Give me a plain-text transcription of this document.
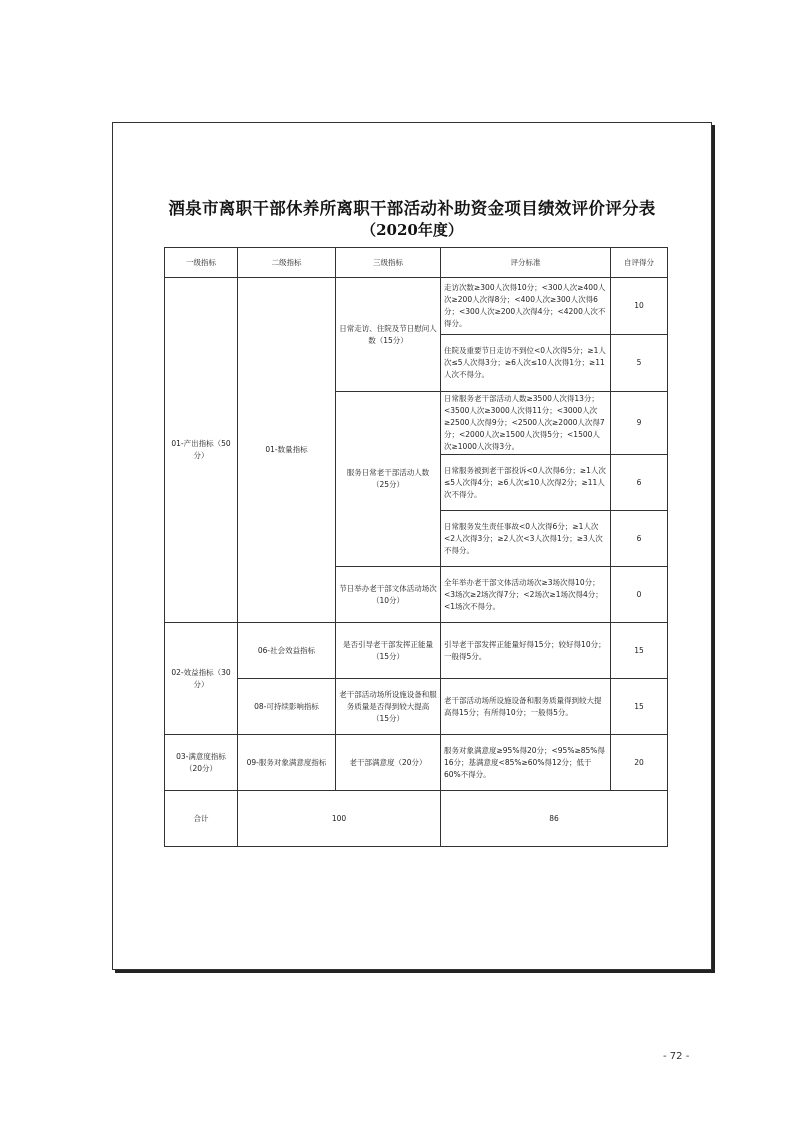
酒泉市离职干部休养所离职干部活动补助资金项目绩效评价评分表
（2020年度）
一级指标	二级指标	三级指标	评分标准	自评得分
01-产出指标（50分）	01-数量指标	日常走访、住院及节日慰问人数（15分）	走访次数≥300人次得10分；<300人次≥400人次≥200人次得8分；<400人次≥300人次得6分；<300人次≥200人次得4分；<4200人次不得分。	10
			住院及重要节日走访不到位<0人次得5分；≥1人次≤5人次得3分；≥6人次≤10人次得1分；≥11人次不得分。	5
		服务日常老干部活动人数（25分）	日常服务老干部活动人数≥3500人次得13分；<3500人次≥3000人次得11分；<3000人次≥2500人次得9分；<2500人次≥2000人次得7分；<2000人次≥1500人次得5分；<1500人次≥1000人次得3分。	9
			日常服务被到老干部投诉<0人次得6分；≥1人次≤5人次得4分；≥6人次≤10人次得2分；≥11人次不得分。	6
			日常服务发生责任事故<0人次得6分；≥1人次<2人次得3分；≥2人次<3人次得1分；≥3人次不得分。	6
		节日举办老干部文体活动场次（10分）	全年举办老干部文体活动场次≥3场次得10分；<3场次≥2场次得7分；<2场次≥1场次得4分；<1场次不得分。	0
02-效益指标（30分）	06-社会效益指标	是否引导老干部发挥正能量（15分）	引导老干部发挥正能量好得15分；较好得10分；一般得5分。	15
	08-可持续影响指标	老干部活动场所设施设备和服务质量是否得到较大提高（15分）	老干部活动场所设施设备和服务质量得到较大提高得15分；有所得10分；一般得5分。	15
03-满意度指标（20分）	09-服务对象满意度指标	老干部满意度（20分）	服务对象满意度≥95%得20分；<95%≥85%得16分；基满意度<85%≥60%得12分；低于60%不得分。	20
合计	100		86	
- 72 -
